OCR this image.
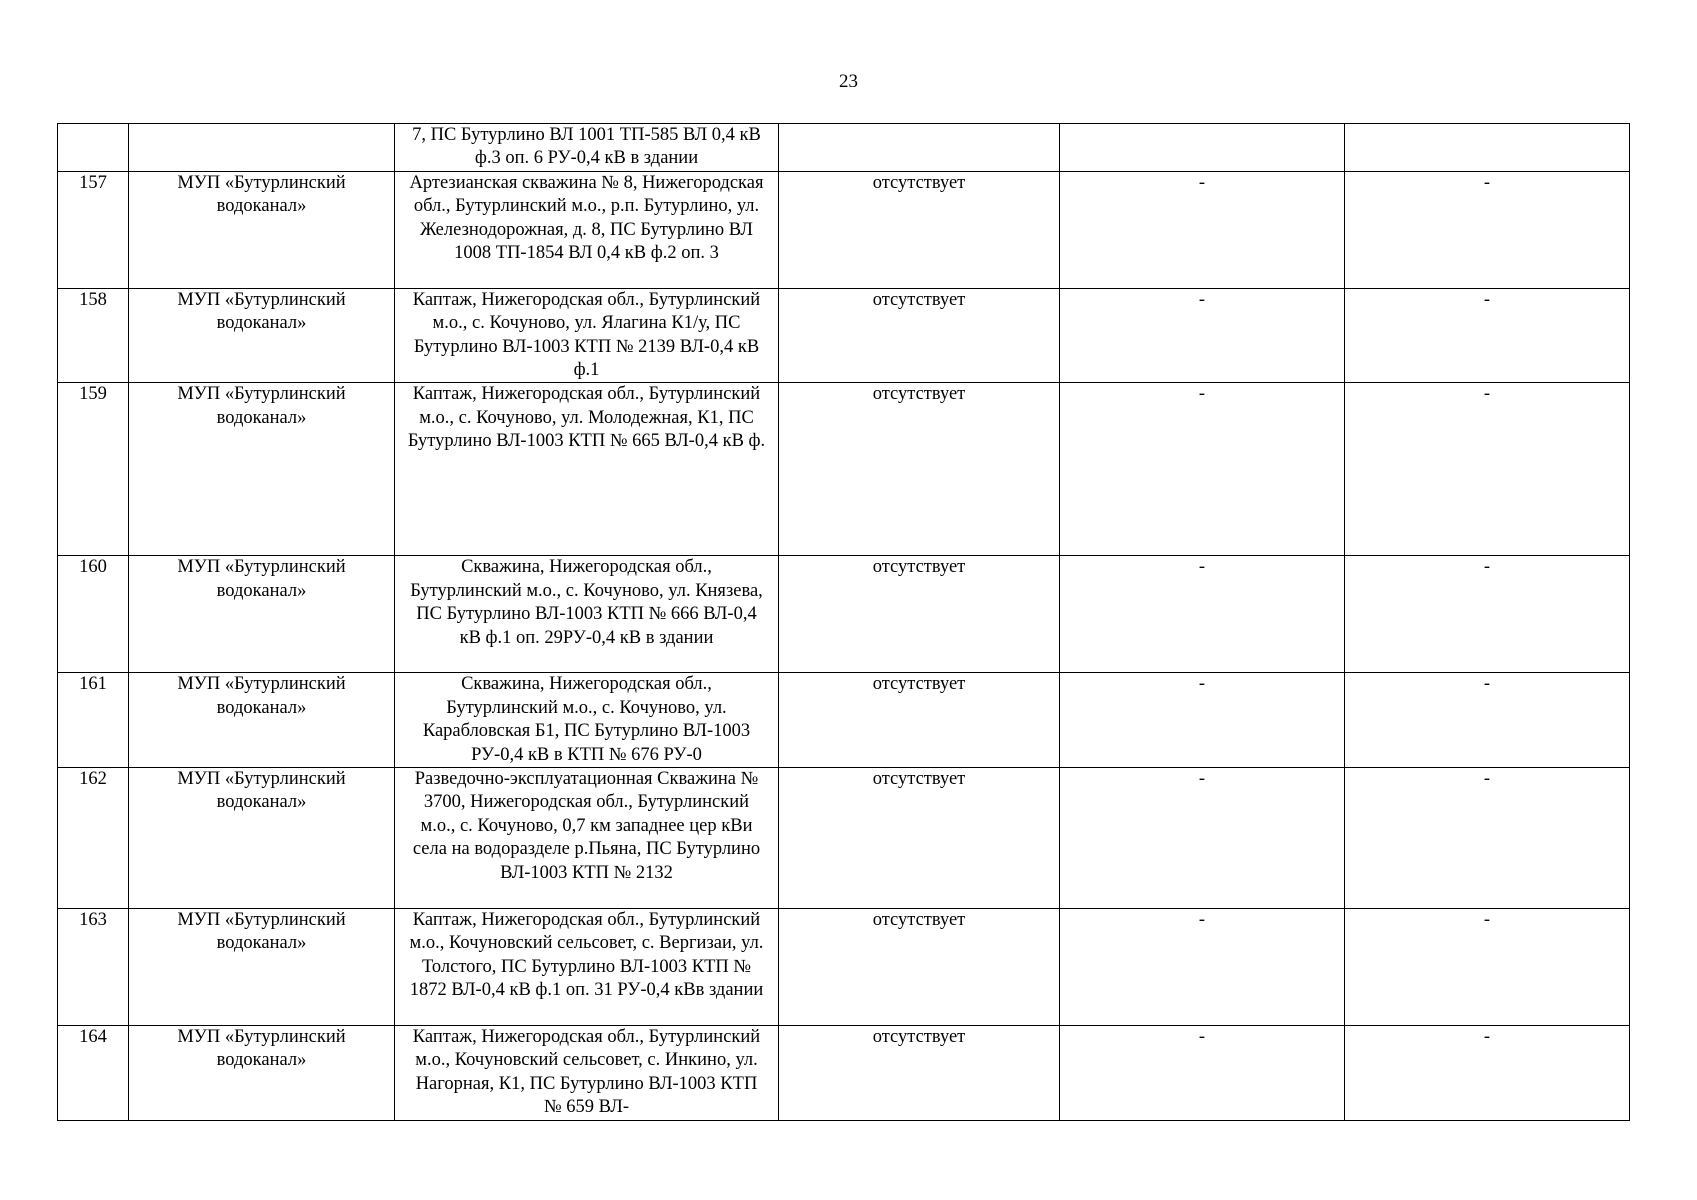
23
		7, ПС Бутурлино ВЛ 1001 ТП-585 ВЛ 0,4 кВ ф.3 оп. 6 РУ-0,4 кВ в здании			
157	МУП «Бутурлинский водоканал»	Артезианская скважина № 8, Нижегородская обл., Бутурлинский м.о., р.п. Бутурлино, ул. Железнодорожная, д. 8, ПС Бутурлино ВЛ 1008 ТП-1854 ВЛ 0,4 кВ ф.2 оп. 3	отсутствует	-	-
158	МУП «Бутурлинский водоканал»	Каптаж, Нижегородская обл., Бутурлинский м.о., с. Кочуново, ул. Ялагина К1/у, ПС Бутурлино ВЛ-1003 КТП № 2139 ВЛ-0,4 кВ ф.1	отсутствует	-	-
159	МУП «Бутурлинский водоканал»	Каптаж, Нижегородская обл., Бутурлинский м.о., с. Кочуново, ул. Молодежная, К1, ПС Бутурлино ВЛ-1003 КТП № 665 ВЛ-0,4 кВ ф.	отсутствует	-	-
160	МУП «Бутурлинский водоканал»	Скважина, Нижегородская обл., Бутурлинский м.о., с. Кочуново, ул. Князева, ПС Бутурлино ВЛ-1003 КТП № 666 ВЛ-0,4 кВ ф.1 оп. 29РУ-0,4 кВ в здании	отсутствует	-	-
161	МУП «Бутурлинский водоканал»	Скважина, Нижегородская обл., Бутурлинский м.о., с. Кочуново, ул. Карабловская Б1, ПС Бутурлино ВЛ-1003 РУ-0,4 кВ в КТП № 676 РУ-0	отсутствует	-	-
162	МУП «Бутурлинский водоканал»	Разведочно-эксплуатационная Скважина № 3700, Нижегородская обл., Бутурлинский м.о., с. Кочуново, 0,7 км западнее цер кВи села на водоразделе р.Пьяна, ПС Бутурлино ВЛ-1003 КТП № 2132	отсутствует	-	-
163	МУП «Бутурлинский водоканал»	Каптаж, Нижегородская обл., Бутурлинский м.о., Кочуновский сельсовет, с. Вергизаи, ул. Толстого, ПС Бутурлино ВЛ-1003 КТП № 1872 ВЛ-0,4 кВ ф.1 оп. 31 РУ-0,4 кВв здании	отсутствует	-	-
164	МУП «Бутурлинский водоканал»	Каптаж, Нижегородская обл., Бутурлинский м.о., Кочуновский сельсовет, с. Инкино, ул. Нагорная, К1, ПС Бутурлино ВЛ-1003 КТП № 659 ВЛ-	отсутствует	-	-
